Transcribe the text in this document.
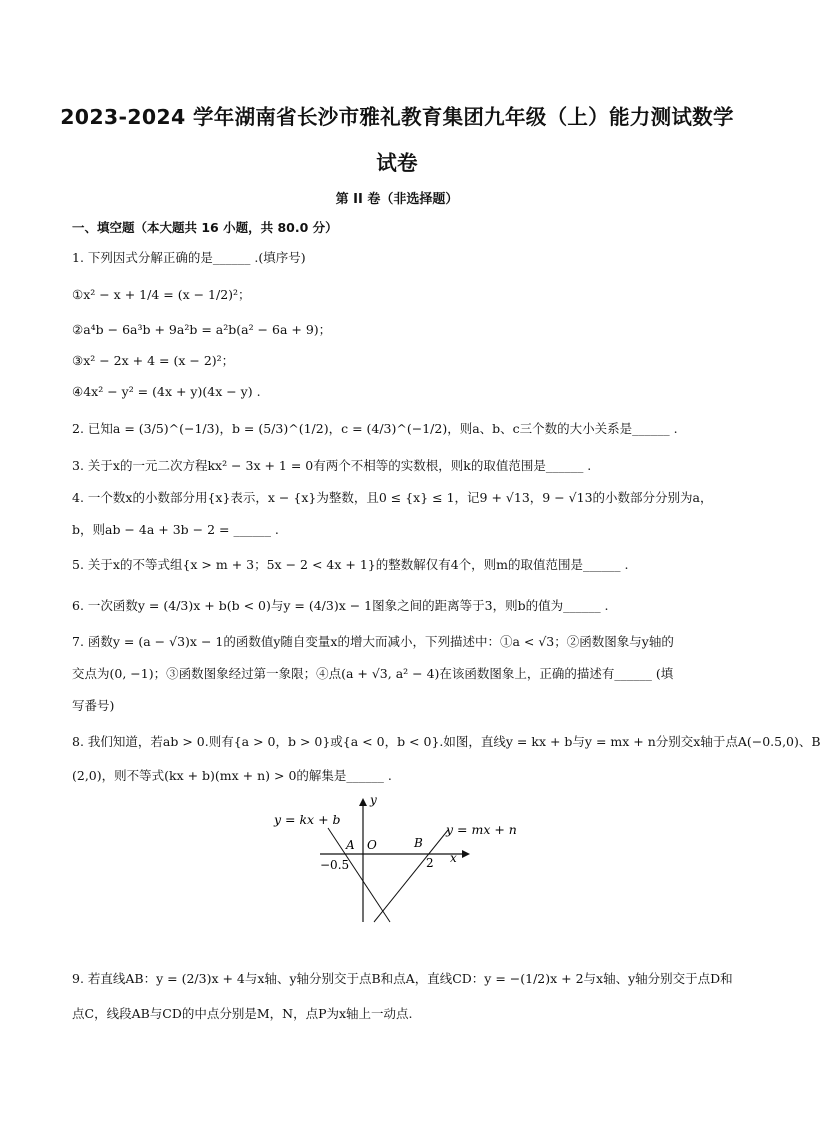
2023-2024 学年湖南省长沙市雅礼教育集团九年级（上）能力测试数学
试卷
第 II 卷（非选择题）
一、填空题（本大题共 16 小题，共 80.0 分）
1. 下列因式分解正确的是______ .(填序号)
①x² − x + 1/4 = (x − 1/2)²；
②a⁴b − 6a³b + 9a²b = a²b(a² − 6a + 9)；
③x² − 2x + 4 = (x − 2)²；
④4x² − y² = (4x + y)(4x − y) .
2. 已知a = (3/5)^(−1/3)，b = (5/3)^(1/2)，c = (4/3)^(−1/2)，则a、b、c三个数的大小关系是______ .
3. 关于x的一元二次方程kx² − 3x + 1 = 0有两个不相等的实数根，则k的取值范围是______ .
4. 一个数x的小数部分用{x}表示，x − {x}为整数，且0 ≤ {x} ≤ 1，记9 + √13，9 − √13的小数部分分别为a，
b，则ab − 4a + 3b − 2 = ______ .
5. 关于x的不等式组{x > m + 3；5x − 2 < 4x + 1}的整数解仅有4个，则m的取值范围是______ .
6. 一次函数y = (4/3)x + b(b < 0)与y = (4/3)x − 1图象之间的距离等于3，则b的值为______ .
7. 函数y = (a − √3)x − 1的函数值y随自变量x的增大而减小，下列描述中：①a < √3；②函数图象与y轴的
交点为(0, −1)；③函数图象经过第一象限；④点(a + √3, a² − 4)在该函数图象上，正确的描述有______ (填
写番号)
8. 我们知道，若ab > 0.则有{a > 0，b > 0}或{a < 0，b < 0}.如图，直线y = kx + b与y = mx + n分别交x轴于点A(−0.5,0)、B
(2,0)，则不等式(kx + b)(mx + n) > 0的解集是______ .
y = kx + b
y = mx + n
y
x
A O	B
−0.5	2
9. 若直线AB：y = (2/3)x + 4与x轴、y轴分别交于点B和点A，直线CD：y = −(1/2)x + 2与x轴、y轴分别交于点D和
点C，线段AB与CD的中点分别是M，N，点P为x轴上一动点.
